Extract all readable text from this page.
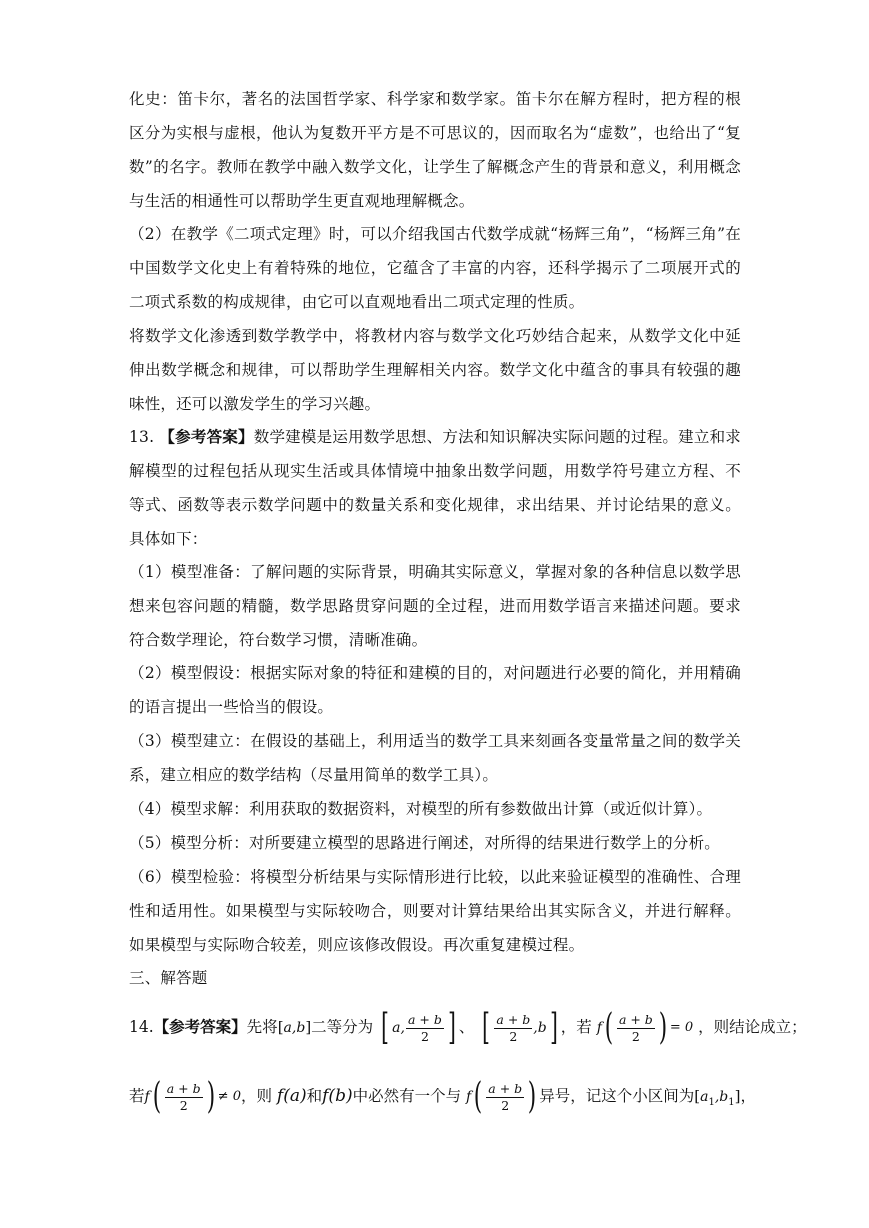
化史：笛卡尔，著名的法国哲学家、科学家和数学家。笛卡尔在解方程时，把方程的根区分为实根与虚根，他认为复数开平方是不可思议的，因而取名为“虚数”，也给出了“复数”的名字。教师在教学中融入数学文化，让学生了解概念产生的背景和意义，利用概念与生活的相通性可以帮助学生更直观地理解概念。

（2）在教学《二项式定理》时，可以介绍我国古代数学成就“杨辉三角”，“杨辉三角”在中国数学文化史上有着特殊的地位，它蕴含了丰富的内容，还科学揭示了二项展开式的二项式系数的构成规律，由它可以直观地看出二项式定理的性质。

将数学文化渗透到数学教学中，将教材内容与数学文化巧妙结合起来，从数学文化中延伸出数学概念和规律，可以帮助学生理解相关内容。数学文化中蕴含的事具有较强的趣味性，还可以激发学生的学习兴趣。

13. 【参考答案】数学建模是运用数学思想、方法和知识解决实际问题的过程。建立和求解模型的过程包括从现实生活或具体情境中抽象出数学问题，用数学符号建立方程、不等式、函数等表示数学问题中的数量关系和变化规律，求出结果、并讨论结果的意义。具体如下：

（1）模型准备：了解问题的实际背景，明确其实际意义，掌握对象的各种信息以数学思想来包容问题的精髓，数学思路贯穿问题的全过程，进而用数学语言来描述问题。要求符合数学理论，符台数学习惯，清晰准确。

（2）模型假设：根据实际对象的特征和建模的目的，对问题进行必要的简化，并用精确的语言提出一些恰当的假设。

（3）模型建立：在假设的基础上，利用适当的数学工具来刻画各变量常量之间的数学关系，建立相应的数学结构（尽量用简单的数学工具）。

（4）模型求解：利用获取的数据资料，对模型的所有参数做出计算（或近似计算）。

（5）模型分析：对所要建立模型的思路进行阐述，对所得的结果进行数学上的分析。

（6）模型检验：将模型分析结果与实际情形进行比较，以此来验证模型的准确性、合理性和适用性。如果模型与实际较吻合，则要对计算结果给出其实际含义，并进行解释。如果模型与实际吻合较差，则应该修改假设。再次重复建模过程。

三、解答题

14.【参考答案】先将[a,b]二等分为 [ a , $\frac{a + b}{2}$ ] 、 [ $\frac{a + b}{2}$ , b ] ，若 f ( $\frac{a + b}{2}$ ) = 0 ，则结论成立；
若 f ( $\frac{a + b}{2}$ ) ≠ 0 ，则 f(a)和f(b)中必然有一个与 f ( $\frac{a + b}{2}$ ) 异号，记这个小区间为$[a_1,b_1]$，
